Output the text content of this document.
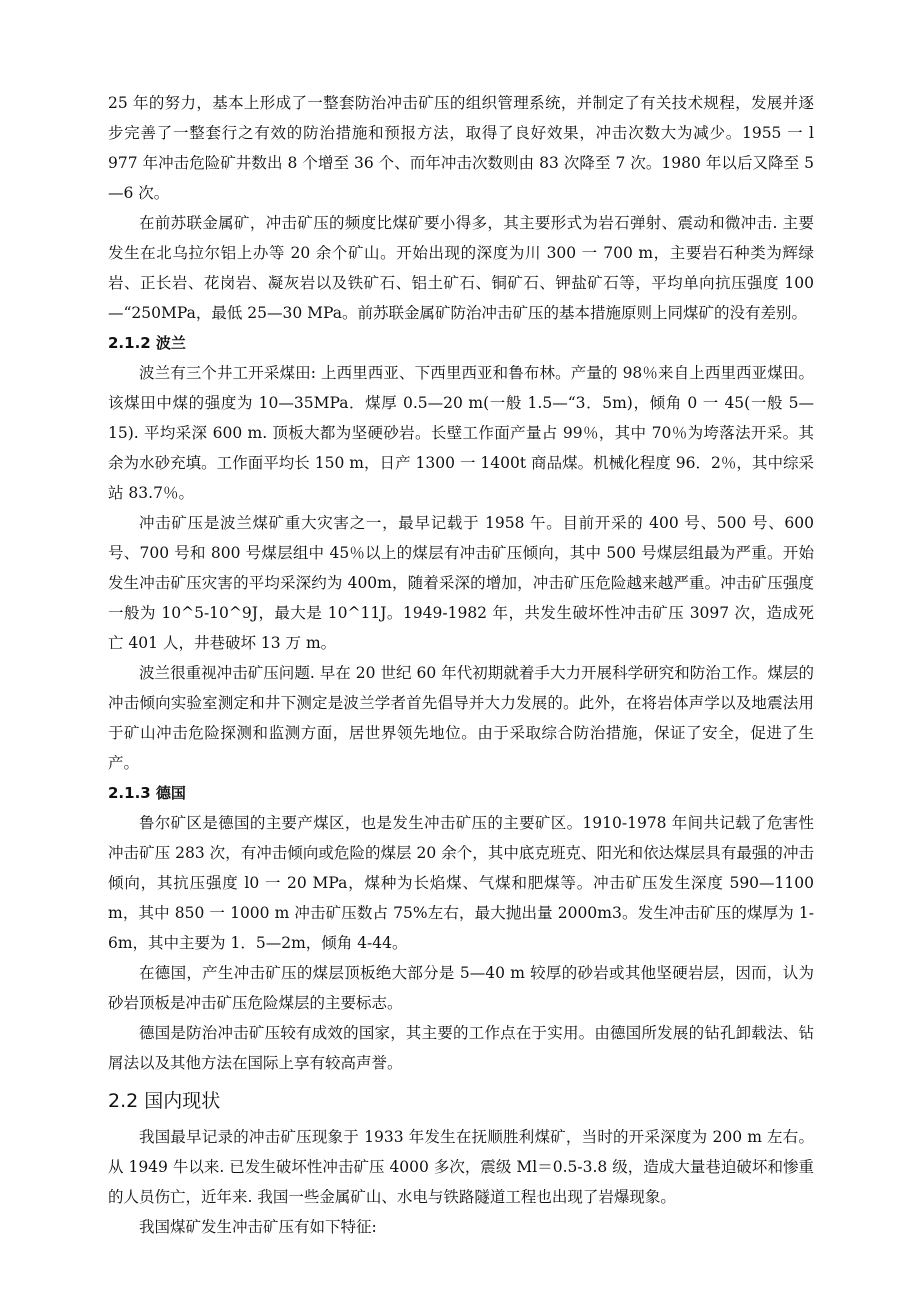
25 年的努力，基本上形成了一整套防治冲击矿压的组织管理系统，并制定了有关技术规程，发展并逐步完善了一整套行之有效的防治措施和预报方法，取得了良好效果，冲击次数大为减少。1955 一 l 977 年冲击危险矿井数出 8 个增至 36 个、而年冲击次数则由 83 次降至 7 次。1980 年以后又降至 5—6 次。

在前苏联金属矿，冲击矿压的频度比煤矿要小得多，其主要形式为岩石弹射、震动和微冲击. 主要发生在北乌拉尔铝上办等 20 余个矿山。开始出现的深度为川 300 一 700 m，主要岩石种类为辉绿岩、正长岩、花岗岩、凝灰岩以及铁矿石、铝土矿石、铜矿石、钾盐矿石等，平均单向抗压强度 100—“250MPa，最低 25—30 MPa。前苏联金属矿防治冲击矿压的基本措施原则上同煤矿的没有差别。

2.1.2 波兰

波兰有三个井工开采煤田: 上西里西亚、下西里西亚和鲁布林。产量的 98％来自上西里西亚煤田。该煤田中煤的强度为 10—35MPa．煤厚 0.5—20 m(一般 1.5—“3．5m)，倾角 0 一 45(一般 5—15). 平均采深 600 m. 顶板大都为坚硬砂岩。长壁工作面产量占 99％，其中 70％为垮落法开采。其余为水砂充填。工作面平均长 150 m，日产 1300 一 1400t 商品煤。机械化程度 96．2％，其中综采站 83.7％。

冲击矿压是波兰煤矿重大灾害之一，最早记载于 1958 午。目前开采的 400 号、500 号、600 号、700 号和 800 号煤层组中 45％以上的煤层有冲击矿压倾向，其中 500 号煤层组最为严重。开始发生冲击矿压灾害的平均采深约为 400m，随着采深的增加，冲击矿压危险越来越严重。冲击矿压强度一般为 10^5-10^9J，最大是 10^11J。1949-1982 年，共发生破坏性冲击矿压 3097 次，造成死亡 401 人，井巷破坏 13 万 m。

波兰很重视冲击矿压问题. 早在 20 世纪 60 年代初期就着手大力开展科学研究和防治工作。煤层的冲击倾向实验室测定和井下测定是波兰学者首先倡导并大力发展的。此外，在将岩体声学以及地震法用于矿山冲击危险探测和监测方面，居世界领先地位。由于采取综合防治措施，保证了安全，促进了生产。

2.1.3 德国

鲁尔矿区是德国的主要产煤区，也是发生冲击矿压的主要矿区。1910-1978 年间共记载了危害性冲击矿压 283 次，有冲击倾向或危险的煤层 20 余个，其中底克班克、阳光和依达煤层具有最强的冲击倾向，其抗压强度 l0 一 20 MPa，煤种为长焰煤、气煤和肥煤等。冲击矿压发生深度 590—1100 m，其中 850 一 1000 m 冲击矿压数占 75%左右，最大抛出量 2000m3。发生冲击矿压的煤厚为 1-6m，其中主要为 1．5—2m，倾角 4-44。

在德国，产生冲击矿压的煤层顶板绝大部分是 5—40 m 较厚的砂岩或其他坚硬岩层，因而，认为砂岩顶板是冲击矿压危险煤层的主要标志。

德国是防治冲击矿压较有成效的国家，其主要的工作点在于实用。由德国所发展的钻孔卸载法、钻屑法以及其他方法在国际上享有较高声誉。

2.2 国内现状

我国最早记录的冲击矿压现象于 1933 年发生在抚顺胜利煤矿，当时的开采深度为 200 m 左右。从 1949 牛以来. 已发生破坏性冲击矿压 4000 多次，震级 Ml＝0.5-3.8 级，造成大量巷迫破坏和惨重的人员伤亡，近年来. 我国一些金属矿山、水电与铁路隧道工程也出现了岩爆现象。

我国煤矿发生冲击矿压有如下特征:
